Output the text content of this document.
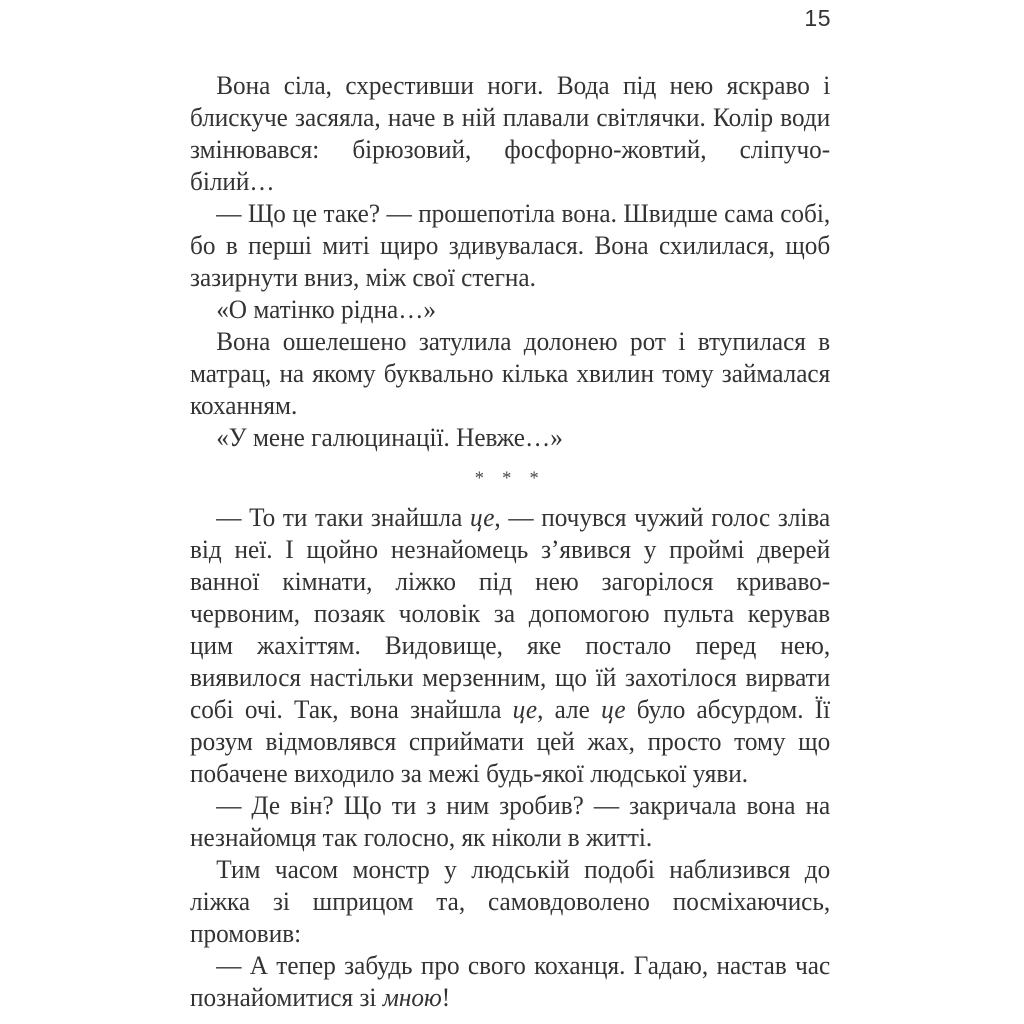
15

Вона сіла, схрестивши ноги. Вода під нею яскраво і блискуче засяяла, наче в ній плавали світлячки. Колір води змінювався: бірюзовий, фосфорно-жовтий, сліпучо-білий…

— Що це таке? — прошепотіла вона. Швидше сама собі, бо в перші миті щиро здивувалася. Вона схилилася, щоб зазирнути вниз, між свої стегна.

«О матінко рідна…»

Вона ошелешено затулила долонею рот і втупилася в матрац, на якому буквально кілька хвилин тому займалася коханням.

«У мене галюцинації. Невже…»

* * *

— То ти таки знайшла це, — почувся чужий голос зліва від неї. І щойно незнайомець з’явився у проймі дверей ванної кімнати, ліжко під нею загорілося криваво-червоним, позаяк чоловік за допомогою пульта керував цим жахіттям. Видовище, яке постало перед нею, виявилося настільки мерзенним, що їй захотілося вирвати собі очі. Так, вона знайшла це, але це було абсурдом. Її розум відмовлявся сприймати цей жах, просто тому що побачене виходило за межі будь-якої людської уяви.

— Де він? Що ти з ним зробив? — закричала вона на незнайомця так голосно, як ніколи в житті.

Тим часом монстр у людській подобі наблизився до ліжка зі шприцом та, самовдоволено посміхаючись, промовив:

— А тепер забудь про свого коханця. Гадаю, настав час познайомитися зі мною!
